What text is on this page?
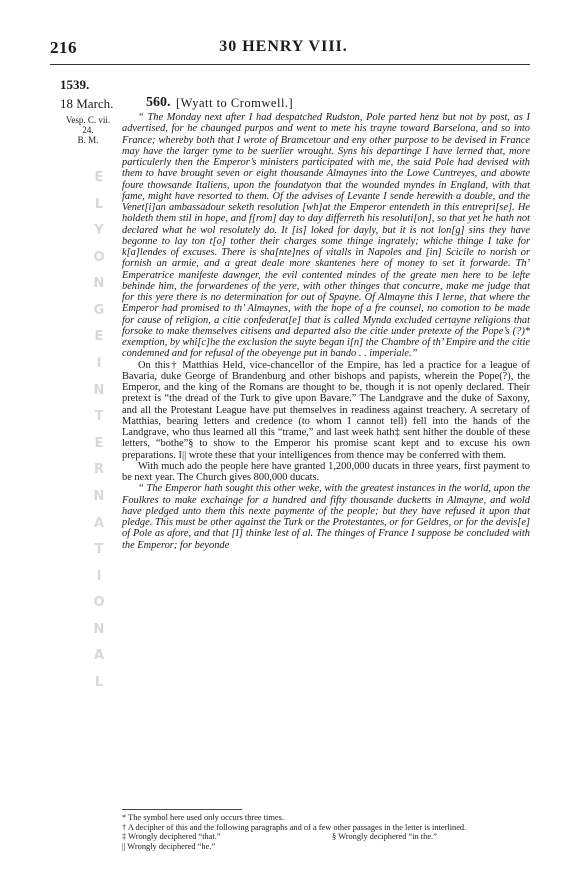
216	30 HENRY VIII.
1539.
18 March. 560. [Wyatt to Cromwell.]
Vesp. C. vii.
24.
B. M.
E
L
Y
O
N
G
E
I
N
T
E
R
N
A
T
I
O
N
A
L

“ The Monday next after I had despatched Rudston, Pole parted henz but not by post, as I advertised, for he chaunged purpos and went to mete his trayne toward Barselona, and so into France; whereby both that I wrote of Bramcetour and eny other purpose to be devised in France may have the larger tyme to be suerlier wrought. Syns his departinge I have lerned that, more particulerly then the Emperor’s ministers participated with me, the said Pole had devised with them to have brought seven or eight thousande Almaynes into the Lowe Cuntreyes, and abowte foure thowsande Italiens, upon the foundatyon that the wounded myndes in England, with that fame, might have resorted to them. Of the advises of Levante I sende herewith a double, and the Venet[i]an ambassadour seketh resolution [wh]at the Emperor entendeth in this entrepri[se]. He holdeth them stil in hope, and f[rom] day to day differreth his resoluti[on], so that yet he hath not declared what he wol resolutely do. It [is] loked for dayly, but it is not lon[g] sins they have begonne to lay ton t[o] tother their charges some thinge ingrately; whiche thinge I take for k[a]lendes of excuses. There is sha[nte]nes of vitalls in Napoles and [in] Scicile to norish or fornish an armie, and a great deale more skantenes here of money to set it forwarde. Th’ Emperatrice manifeste dawnger, the evil contented mindes of the greate men here to be lefte behinde him, the forwardenes of the yere, with other thinges that concurre, make me judge that for this yere there is no determination for out of Spayne. Of Almayne this I lerne, that where the Emperor had promised to th’ Almaynes, with the hope of a fre counsel, no comotion to be made for cause of religion, a citie confederat[e] that is called Mynda excluded certayne religions that forsoke to make themselves citisens and departed also the citie under pretexte of the Pope’s (?)* exemption, by whi[c]he the exclusion the suyte began i[n] the Chambre of th’ Empire and the citie condemned and for refusal of the obeyenge put in bando . . imperiale.”

On this† Matthias Held, vice-chancellor of the Empire, has led a practice for a league of Bavaria, duke George of Brandenburg and other bishops and papists, wherein the Pope(?), the Emperor, and the king of the Romans are thought to be, though it is not openly declared. Their pretext is “the dread of the Turk to give upon Bavare.” The Landgrave and the duke of Saxony, and all the Protestant League have put themselves in readiness against treachery. A secretary of Matthias, bearing letters and credence (to whom I cannot tell) fell into the hands of the Landgrave, who thus learned all this “trame,” and last week hath‡ sent hither the double of these letters, “bothe”§ to show to the Emperor his promise scant kept and to excuse his own preparations. I|| wrote these that your intelligences from thence may be conferred with them.

With much ado the people here have granted 1,200,000 ducats in three years, first payment to be next year. The Church gives 800,000 ducats.

“ The Emperor hath sought this other weke, with the greatest instances in the world, upon the Foulkres to make exchainge for a hundred and fifty thousande ducketts in Almayne, and wold have pledged unto them this nexte paymente of the people; but they have refused it upon that pledge. This must be other against the Turk or the Protestantes, or for Geldres, or for the devis[e] of Pole as afore, and that [I] thinke lest of al. The thinges of France I suppose be concluded with the Emperor; for beyonde

* The symbol here used only occurs three times.
† A decipher of this and the following paragraphs and of a few other passages in the letter is interlined.
‡ Wrongly deciphered “that.”	§ Wrongly deciphered “in the.”
|| Wrongly deciphered “he.”
